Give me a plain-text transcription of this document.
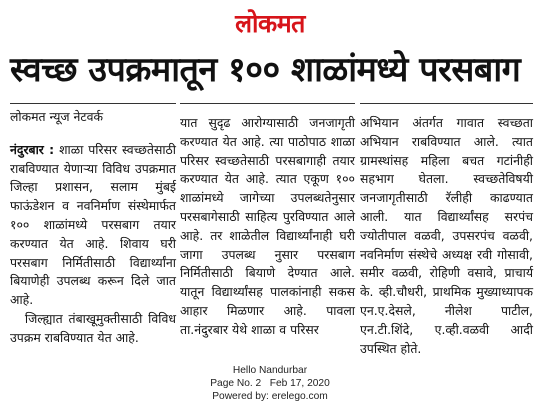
लोकमत
स्वच्छ उपक्रमातून १०० शाळांमध्ये परसबाग

लोकमत न्यूज नेटवर्क

नंदुरबार : शाळा परिसर स्वच्छतेसाठी राबविण्यात येणाऱ्या विविध उपक्रमात जिल्हा प्रशासन, सलाम मुंबई फाऊंडेशन व नवनिर्माण संस्थेमार्फत १०० शाळांमध्ये परसबाग तयार करण्यात येत आहे. शिवाय घरी परसबाग निर्मितीसाठी विद्यार्थ्यांना बियाणेही उपलब्ध करून दिले जात आहे.

जिल्ह्यात तंबाखूमुक्तीसाठी विविध उपक्रम राबविण्यात येत आहे.

यात सुदृढ आरोग्यासाठी जनजागृती करण्यात येत आहे. त्या पाठोपाठ शाळा परिसर स्वच्छतेसाठी परसबागाही तयार करण्यात येत आहे. त्यात एकूण १०० शाळांमध्ये जागेच्या उपलब्धतेनुसार परसबागेसाठी साहित्य पुरविण्यात आले आहे. तर शाळेतील विद्यार्थ्यांनाही घरी जागा उपलब्ध नुसार परसबाग निर्मितीसाठी बियाणे देण्यात आले. यातून विद्यार्थ्यांसह पालकांनाही सकस आहार मिळणार आहे. पावला ता.नंदुरबार येथे शाळा व परिसर

अभियान अंतर्गत गावात स्वच्छता अभियान राबविण्यात आले. त्यात ग्रामस्थांसह महिला बचत गटांनीही सहभाग घेतला. स्वच्छतेविषयी जनजागृतीसाठी रॅलीही काढण्यात आली. यात विद्यार्थ्यांसह सरपंच ज्योतीपाल वळवी, उपसरपंच वळवी, नवनिर्माण संस्थेचे अध्यक्ष रवी गोसावी, समीर वळवी, रोहिणी वसावे, प्राचार्य के. व्ही.चौधरी, प्राथमिक मुख्याध्यापक एन.ए.देसले, नीलेश पाटील, एन.टी.शिंदे, ए.व्ही.वळवी आदी उपस्थित होते.

Hello Nandurbar
Page No. 2 Feb 17, 2020
Powered by: erelego.com
